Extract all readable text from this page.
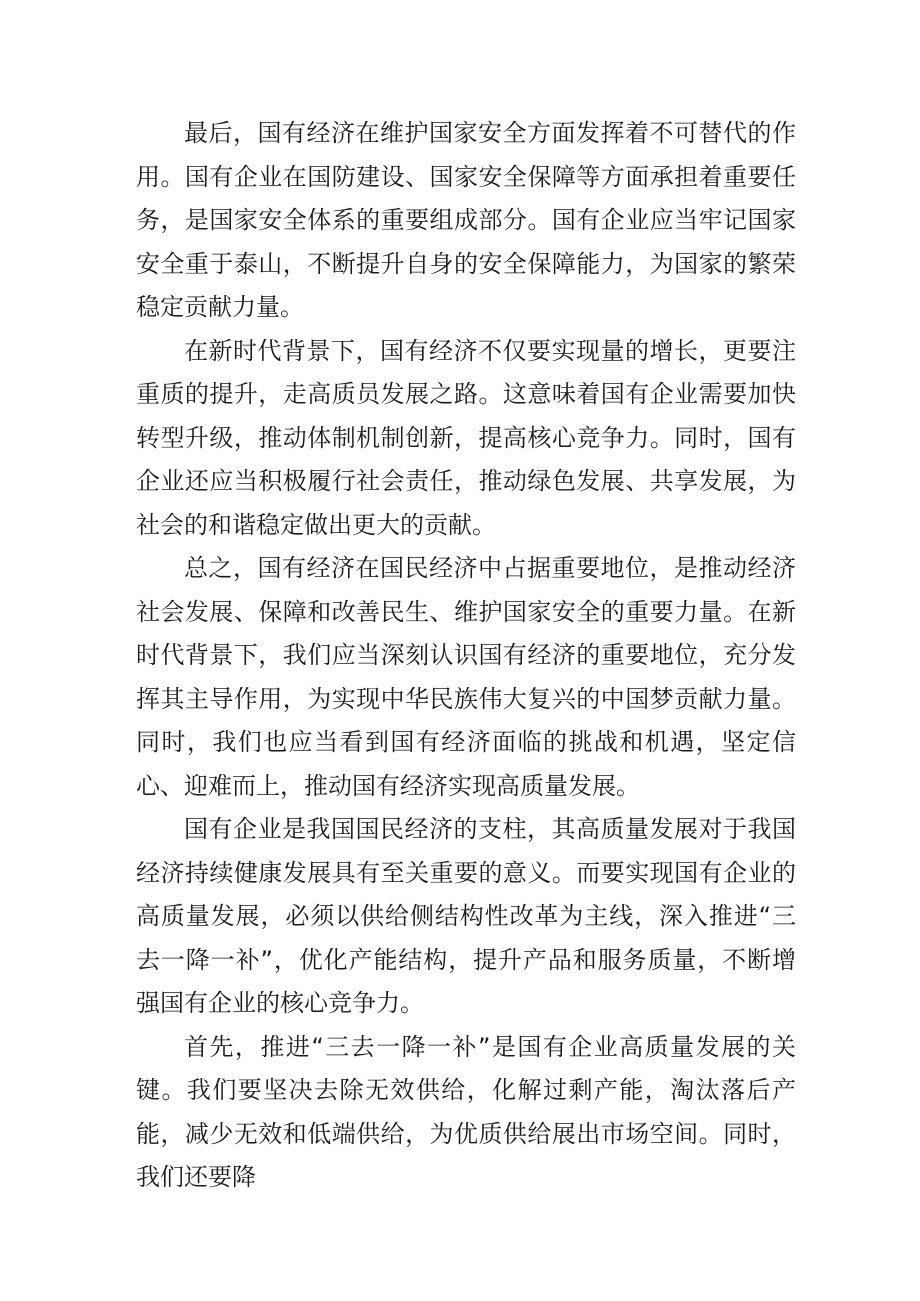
最后，国有经济在维护国家安全方面发挥着不可替代的作用。国有企业在国防建设、国家安全保障等方面承担着重要任务，是国家安全体系的重要组成部分。国有企业应当牢记国家安全重于泰山，不断提升自身的安全保障能力，为国家的繁荣稳定贡献力量。

在新时代背景下，国有经济不仅要实现量的增长，更要注重质的提升，走高质员发展之路。这意味着国有企业需要加快转型升级，推动体制机制创新，提高核心竞争力。同时，国有企业还应当积极履行社会责任，推动绿色发展、共享发展，为社会的和谐稳定做出更大的贡献。

总之，国有经济在国民经济中占据重要地位，是推动经济社会发展、保障和改善民生、维护国家安全的重要力量。在新时代背景下，我们应当深刻认识国有经济的重要地位，充分发挥其主导作用，为实现中华民族伟大复兴的中国梦贡献力量。同时，我们也应当看到国有经济面临的挑战和机遇，坚定信心、迎难而上，推动国有经济实现高质量发展。

国有企业是我国国民经济的支柱，其高质量发展对于我国经济持续健康发展具有至关重要的意义。而要实现国有企业的高质量发展，必须以供给侧结构性改革为主线，深入推进“三去一降一补”，优化产能结构，提升产品和服务质量，不断增强国有企业的核心竞争力。

首先，推进“三去一降一补”是国有企业高质量发展的关键。我们要坚决去除无效供给，化解过剩产能，淘汰落后产能，减少无效和低端供给，为优质供给展出市场空间。同时，我们还要降
